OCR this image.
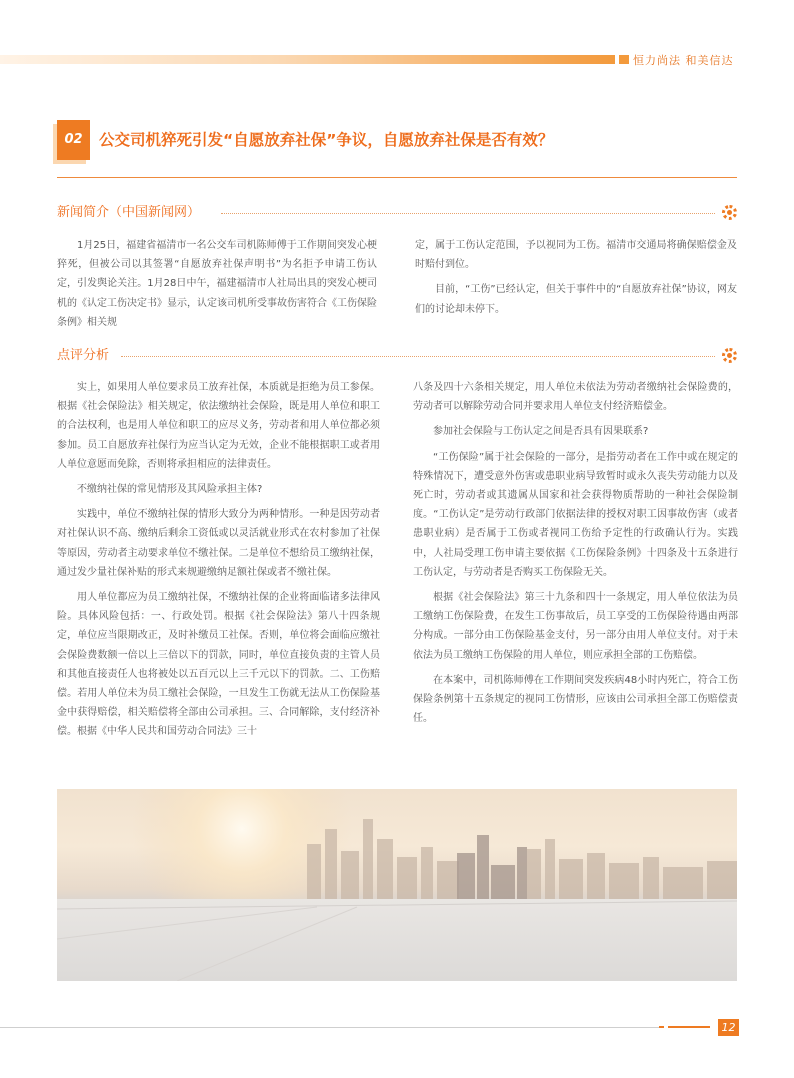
恒力尚法 和美信达
02	公交司机猝死引发“自愿放弃社保”争议，自愿放弃社保是否有效？
新闻简介（中国新闻网）

1月25日，福建省福清市一名公交车司机陈师傅于工作期间突发心梗猝死，但被公司以其签署“自愿放弃社保声明书”为名拒予申请工伤认定，引发舆论关注。1月28日中午，福建福清市人社局出具的突发心梗司机的《认定工伤决定书》显示，认定该司机所受事故伤害符合《工伤保险条例》相关规

定，属于工伤认定范围，予以视同为工伤。福清市交通局将确保赔偿金及时赔付到位。

目前，“工伤”已经认定，但关于事件中的“自愿放弃社保”协议，网友们的讨论却未停下。

点评分析

实上，如果用人单位要求员工放弃社保，本质就是拒绝为员工参保。根据《社会保险法》相关规定，依法缴纳社会保险，既是用人单位和职工的合法权利，也是用人单位和职工的应尽义务，劳动者和用人单位都必须参加。员工自愿放弃社保行为应当认定为无效，企业不能根据职工或者用人单位意愿而免除，否则将承担相应的法律责任。

不缴纳社保的常见情形及其风险承担主体?

实践中，单位不缴纳社保的情形大致分为两种情形。一种是因劳动者对社保认识不高、缴纳后剩余工资低或以灵活就业形式在农村参加了社保等原因，劳动者主动要求单位不缴社保。二是单位不想给员工缴纳社保，通过发少量社保补贴的形式来规避缴纳足额社保或者不缴社保。

用人单位都应为员工缴纳社保，不缴纳社保的企业将面临诸多法律风险。具体风险包括：一、行政处罚。根据《社会保险法》第八十四条规定，单位应当限期改正，及时补缴员工社保。否则，单位将会面临应缴社会保险费数额一倍以上三倍以下的罚款，同时，单位直接负责的主管人员和其他直接责任人也将被处以五百元以上三千元以下的罚款。二、工伤赔偿。若用人单位未为员工缴社会保险，一旦发生工伤就无法从工伤保险基金中获得赔偿，相关赔偿将全部由公司承担。三、合同解除，支付经济补偿。根据《中华人民共和国劳动合同法》三十

八条及四十六条相关规定，用人单位未依法为劳动者缴纳社会保险费的，劳动者可以解除劳动合同并要求用人单位支付经济赔偿金。

参加社会保险与工伤认定之间是否具有因果联系?

“工伤保险”属于社会保险的一部分，是指劳动者在工作中或在规定的特殊情况下，遭受意外伤害或患职业病导致暂时或永久丧失劳动能力以及死亡时，劳动者或其遗属从国家和社会获得物质帮助的一种社会保险制度。“工伤认定”是劳动行政部门依据法律的授权对职工因事故伤害（或者患职业病）是否属于工伤或者视同工伤给予定性的行政确认行为。实践中，人社局受理工伤申请主要依据《工伤保险条例》十四条及十五条进行工伤认定，与劳动者是否购买工伤保险无关。

根据《社会保险法》第三十九条和四十一条规定，用人单位依法为员工缴纳工伤保险费，在发生工伤事故后，员工享受的工伤保险待遇由两部分构成。一部分由工伤保险基金支付，另一部分由用人单位支付。对于未依法为员工缴纳工伤保险的用人单位，则应承担全部的工伤赔偿。

在本案中，司机陈师傅在工作期间突发疾病48小时内死亡，符合工伤保险条例第十五条规定的视同工伤情形，应该由公司承担全部工伤赔偿责任。

12
